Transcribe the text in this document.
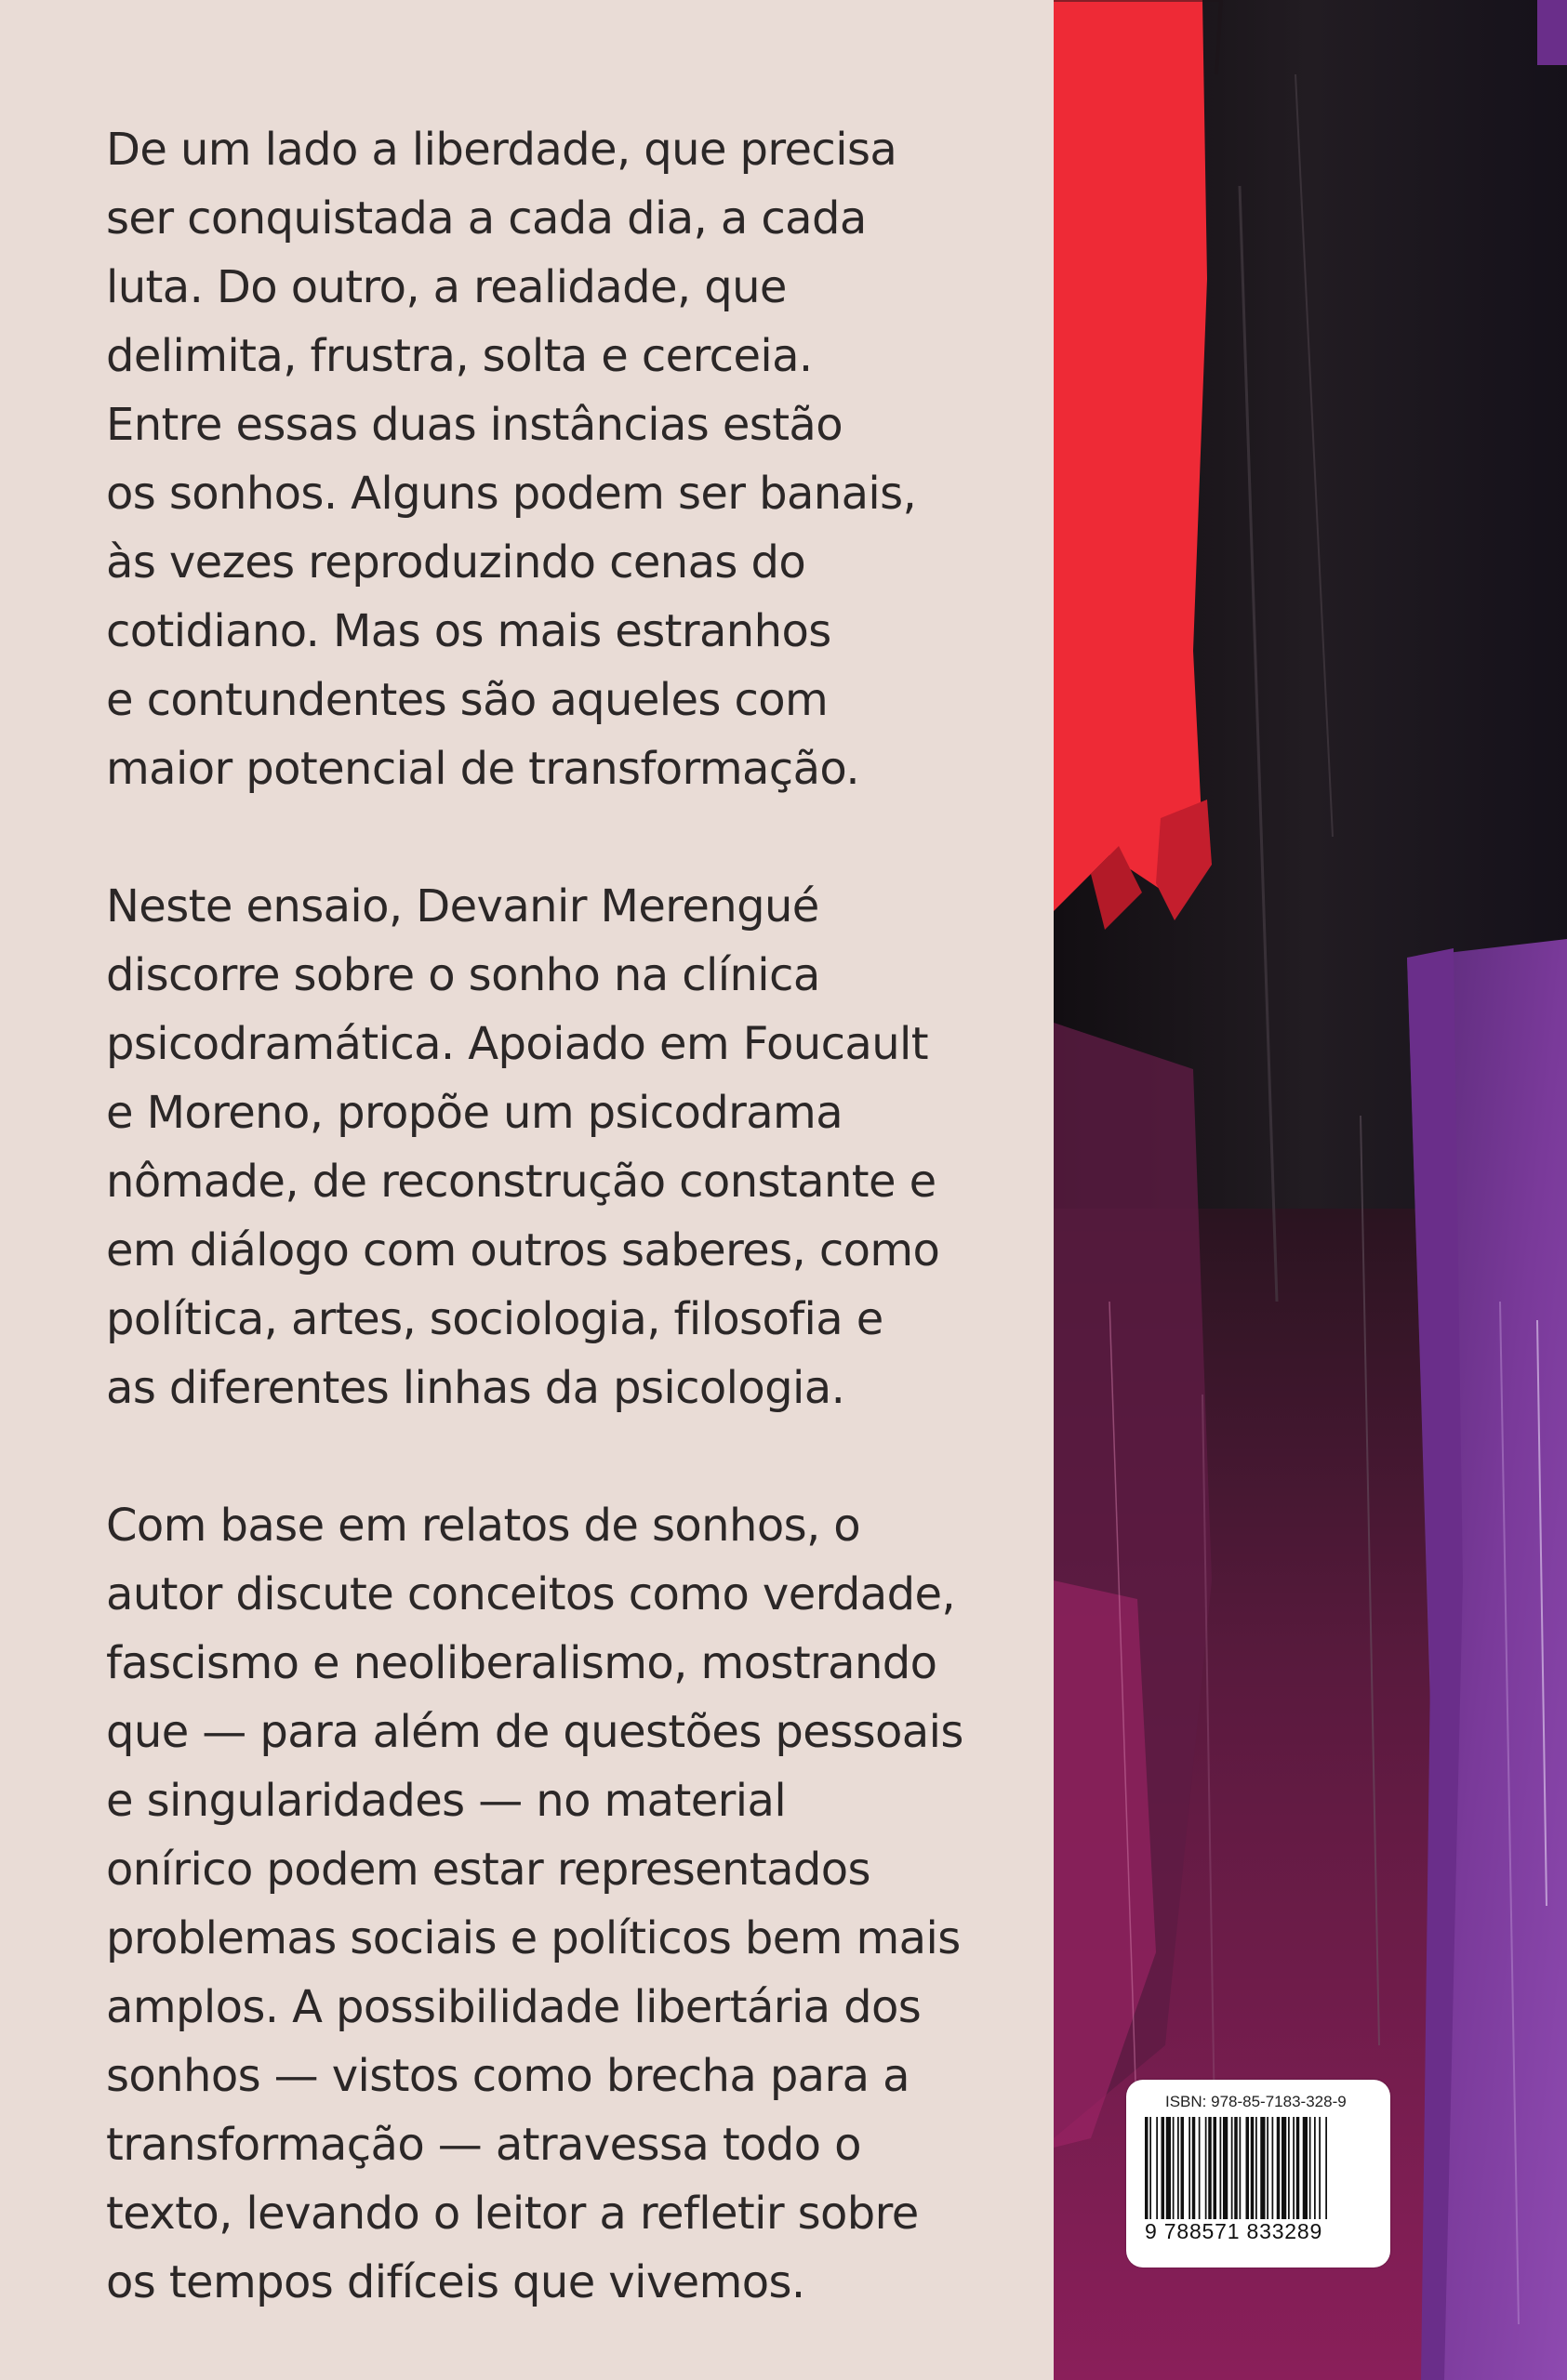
De um lado a liberdade, que precisa
ser conquistada a cada dia, a cada
luta. Do outro, a realidade, que
delimita, frustra, solta e cerceia.
Entre essas duas instâncias estão
os sonhos. Alguns podem ser banais,
às vezes reproduzindo cenas do
cotidiano. Mas os mais estranhos
e contundentes são aqueles com
maior potencial de transformação.
Neste ensaio, Devanir Merengué
discorre sobre o sonho na clínica
psicodramática. Apoiado em Foucault
e Moreno, propõe um psicodrama
nômade, de reconstrução constante e
em diálogo com outros saberes, como
política, artes, sociologia, filosofia e
as diferentes linhas da psicologia.
Com base em relatos de sonhos, o
autor discute conceitos como verdade,
fascismo e neoliberalismo, mostrando
que — para além de questões pessoais
e singularidades — no material
onírico podem estar representados
problemas sociais e políticos bem mais
amplos. A possibilidade libertária dos
sonhos — vistos como brecha para a
transformação — atravessa todo o
texto, levando o leitor a refletir sobre
os tempos difíceis que vivemos.
ISBN: 978-85-7183-328-9
9 788571 833289
